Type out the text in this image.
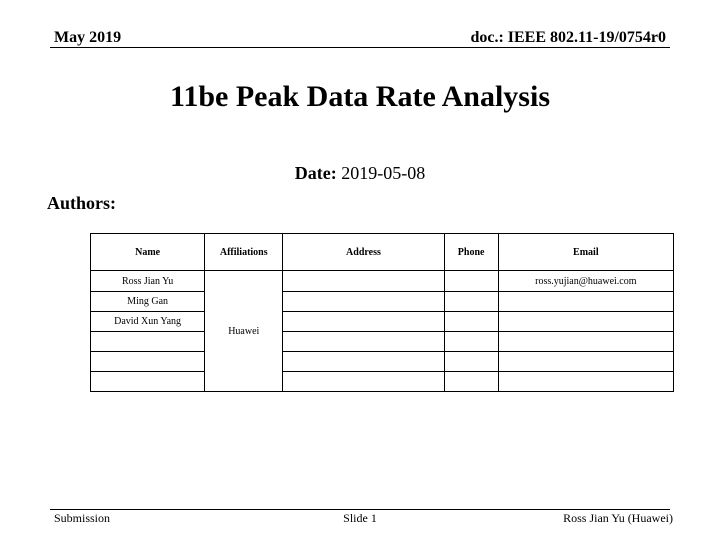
May 2019	doc.: IEEE 802.11-19/0754r0
11be Peak Data Rate Analysis
Date: 2019-05-08
Authors:
Name	Affiliations	Address	Phone	Email
Ross Jian Yu	Huawei			ross.yujian@huawei.com
Ming Gan				
David Xun Yang				

Submission	Slide 1	Ross Jian Yu (Huawei)
